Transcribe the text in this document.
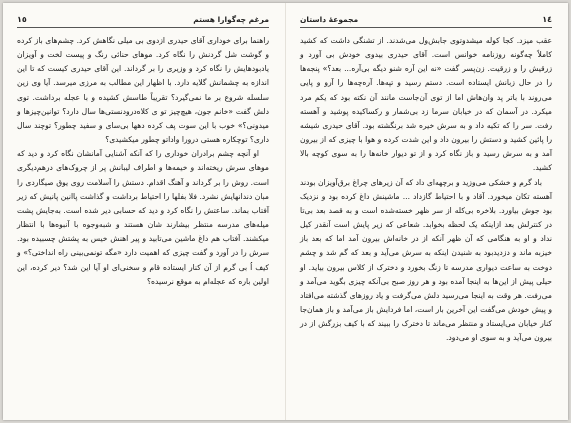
مرغم چه‌گوارا هستم
١٥

راهنما برای خوداری آقای حیدری ازدوی بی میلی نگاهش کرد. چشم‌های باز کرده و گوشت شل گردنش را نگاه کرد. موهای حنائی رنگ و پیست لخت و آویزان یادبودهایش را نگاه کرد و وزیری را بر گرداند. این آقای حیدری کیست که تا این اندازه به چشمانش گلایه دارد. با اظهار این مطالب به مرزی میرسد. آیا وی زین سلسله شروع بر ما نمی‌گیرد؟ تقریباً طاسش کشیده و با عجله برداشت. توی دلش گفت «خانم جون، هیچ‌چیز تو ی کلاه‌درو‌دنستی‌ها سال دارد؟ توانین‌چیز‌ها‌ و میدونی؟» خوب با این سوت پف کرده دهها‌ بی‌سای و سفید چطور؟ توچند سال داری؟ توچکاره هستی درورا واداتو چطور میکشیدی؟

او آنچه چشم برادران خوداری را که آنکه آشنایی آمانشان نگاه کرد و دید که موهای سرش ریخته‌اند و خیمه‌ها و اطراف لیبانش پر از چروک‌هاى درهم‌دیگری است. روش را بر گرداند و آهنگ اقدام. دستش را آسلامت روی یوق صیگاردی را مبان دندانهایش نشرد. فلا بفلها را احتیاط برداشت و گذاشت پاانین پانیش که زیر آفتاب بماند. ساعتش را نگاه کرد و دید که حسابی دیر شده است. به‌جایش پشت میله‌های مدرسه منتظر بیشار‌ند شان هستند و شبه‌وجوه با آنبوه‌ها با انتظار میکشند. آفتاب هم داغ ماشین می‌تابید و پیر اهنش خیس به پشتش چسبیده بود. سرش را در آورد و گفت چیزی که اهمیت دارد «مگه تو‌نمی‌بینی راه انداختی؟» و کیف اُ بی گرم از آن کنار ایستاده قام‌ و سخنی‌ای او آیا این شد؟ دیر کرده، این اولین باره که عجله‌ام به موقع نرسیده؟

١٤
مجموعهٔ داستان

عقب میزد. کجا کوله میشدوتوی جابش‌ول می‌شدند. از تشنگی داشت که کشید کاملاً چه‌گونه روزنامه خوانس است. آقای حیدری بیدوی خودش بی آورد و زرقیش را و زرقیت. زن‌پسر گفت «نه این آره شنو دیگه بی‌آره... بعد؟» پنجه‌ها را در حال زبانش ایستاده است. دستم رسید و تپه‌ها. آره‌چه‌ها را آرو و پایی می‌روند با باتر پد وان‌هاش اما از توی آن‌جاست مانند آن نکته بود که یکم مرد میکرد. در آسمان که در خیابان سرما زد بی‌شمار و رکساکیده پوشید و آهسته رفت. سر را که تکیه داد و به سرش خیره شد برنگشته بود. آقای حیدری شیشه را پائین کشید و دستش را بیرون داد و این شدت کرده و هوا با چیزی که از بیرون آمد و به سرش رسید و باز نگاه کرد و از تو دیوار خانه‌ها را به سوی کوچه بالا کشید.

باد گرم و خشکی می‌وزید و برچهه‌ای داد که آن زیرهای چراغ برق‌آویزان بودند آهسته تکان میخورد. آقاد و با احتیاط گازداد ... ماشینش داغ کرده بود و نزدیک بود جوش بیاورد. بلاخره بی‌کله از سر ظهر خسته‌شده است و به قصد بعد بی‌تا در کنترلش بعد ازاینکه یک لحظه بخوابد. شعاعی که زیر پایش است آنقدر کیل نداد و او به هنگامی که آن ظهر آنکه از در خانه‌اش بیرون آمد اما که بعد باز خیزبه ماند و دزدیدبود به شنیدن اینکه به سرش می‌آید و بعد که گم شد و چشم دوخت به ساعت دیواری مدرسه تا زنگ بخورد و دخترک از کلاس بیرون بیاید. او حیلی پیش از این‌ها به اینجا آمده بود و هر روز صبح بی‌آنکه چیزی بگوید می‌آمد و می‌رفت. هر وقت به اینجا می‌رسید دلش می‌گرفت و یاد روزهای گذشته می‌افتاد و پیش خودش می‌گفت این آخرین بار است، اما فردایش باز می‌آمد و باز همان‌جا کنار خیابان می‌ایستاد و منتظر می‌ماند تا دخترک را ببیند که با کیف بزرگش از در بیرون می‌آید و به سوی او می‌دود.
